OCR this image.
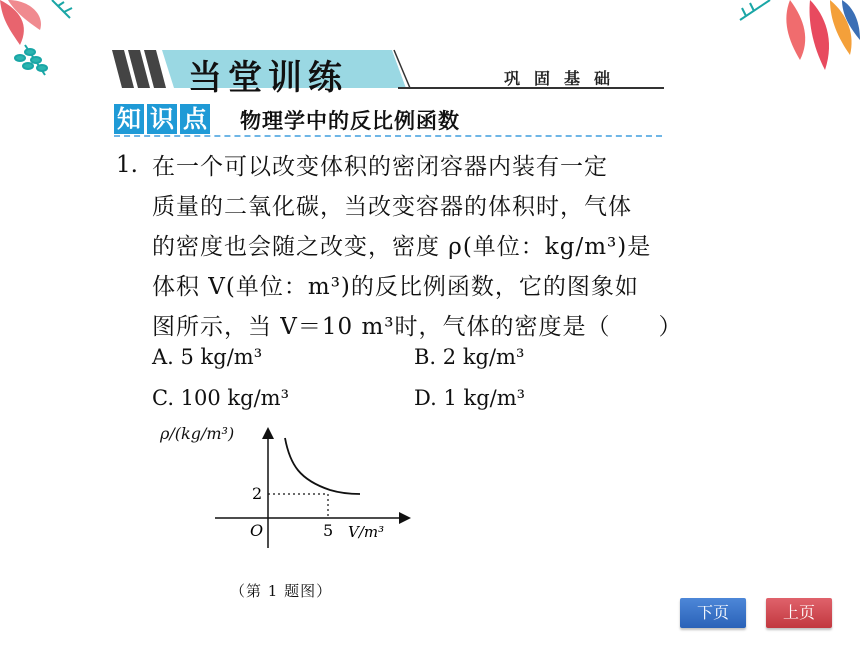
当堂训练	巩固基础
知 识 点 物理学中的反比例函数
1. 在一个可以改变体积的密闭容器内装有一定
质量的二氧化碳，当改变容器的体积时，气体
的密度也会随之改变，密度 ρ(单位：kg/m³)是
体积 V(单位：m³)的反比例函数，它的图象如
图所示，当 V＝10 m³时，气体的密度是（　　）
A. 5 kg/m³	B. 2 kg/m³
C. 100 kg/m³	D. 1 kg/m³
O	5
2
V/m³
ρ/(kg/m³)
（第 1 题图）
下页	上页
